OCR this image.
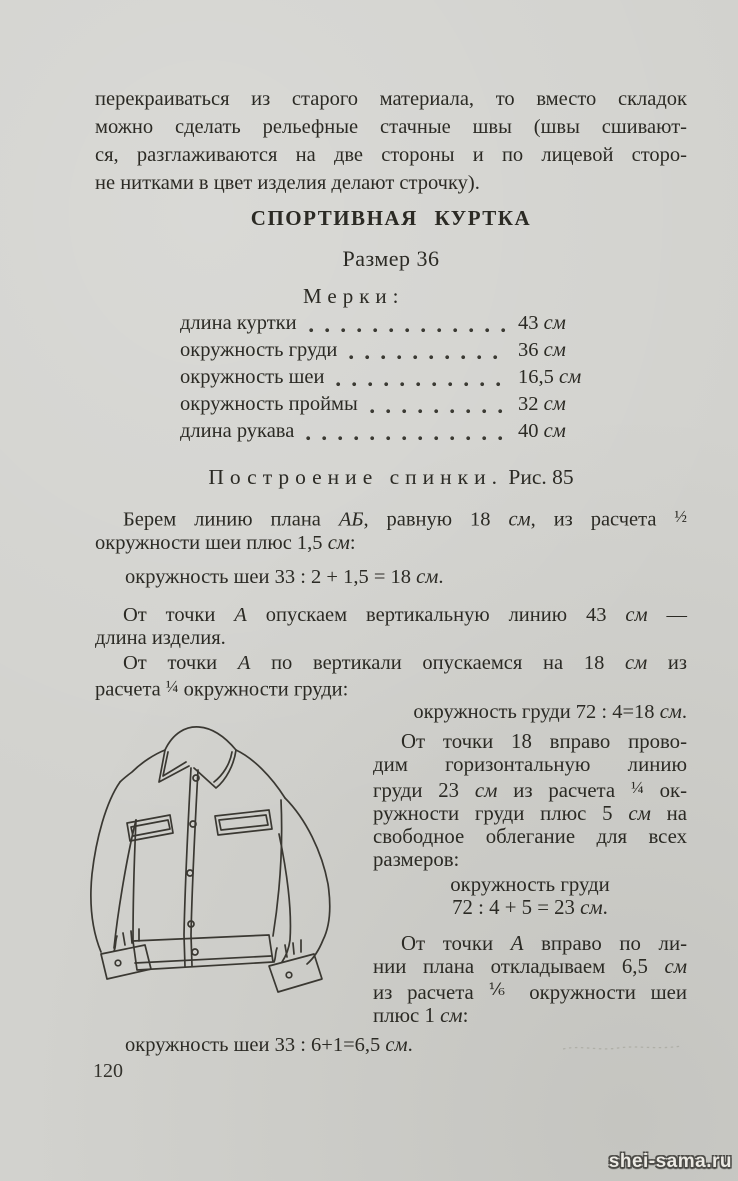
перекраиваться из старого материала, то вместо складок
можно сделать рельефные стачные швы (швы сшивают-
ся, разглаживаются на две стороны и по лицевой сторо-
не нитками в цвет изделия делают строчку).
СПОРТИВНАЯ КУРТКА
Размер 36
Мерки:
длина куртки	43 см
окружность груди	36 см
окружность шеи	16,5 см
окружность проймы	32 см
длина рукава	40 см
Построение спинки. Рис. 85
Берем линию плана АБ, равную 18 см, из расчета ½
окружности шеи плюс 1,5 см:
окружность шеи 33 : 2 + 1,5 = 18 см.
От точки А опускаем вертикальную линию 43 см —
длина изделия.
От точки А по вертикали опускаемся на 18 см из
расчета ¼ окружности груди:
окружность груди 72 : 4=18 см.
От точки 18 вправо прово-
дим горизонтальную линию
груди 23 см из расчета ¼ ок-
ружности груди плюс 5 см на
свободное облегание для всех
размеров:
окружность груди
72 : 4 + 5 = 23 см.
От точки А вправо по ли-
нии плана откладываем 6,5 см
из расчета ⅙ окружности шеи
плюс 1 см:
окружность шеи 33 : 6+1=6,5 см.
120
shei-sama.ru
